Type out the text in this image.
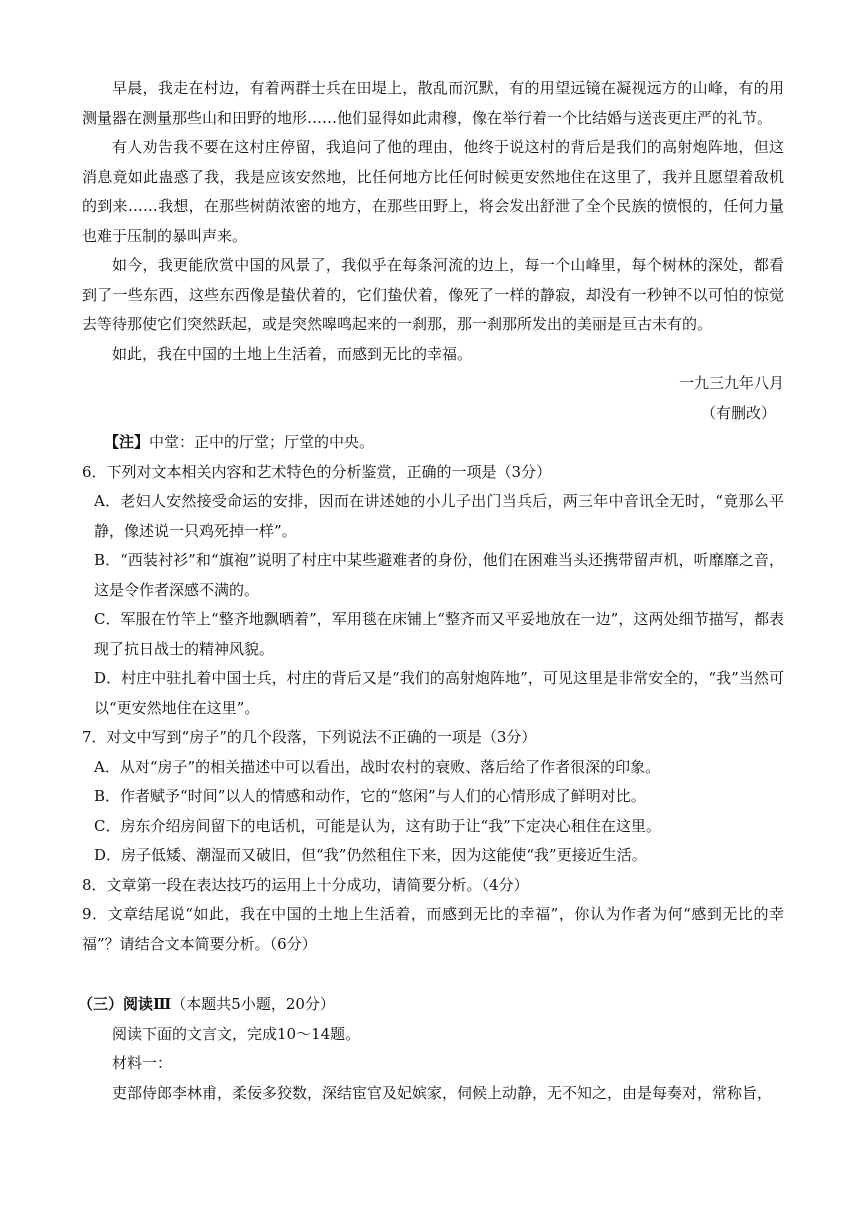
早晨，我走在村边，有着两群士兵在田堤上，散乱而沉默，有的用望远镜在凝视远方的山峰，有的用测量器在测量那些山和田野的地形……他们显得如此肃穆，像在举行着一个比结婚与送丧更庄严的礼节。

有人劝告我不要在这村庄停留，我追问了他的理由，他终于说这村的背后是我们的高射炮阵地，但这消息竟如此蛊惑了我，我是应该安然地，比任何地方比任何时候更安然地住在这里了，我并且愿望着敌机的到来……我想，在那些树荫浓密的地方，在那些田野上，将会发出舒泄了全个民族的愤恨的，任何力量也难于压制的暴叫声来。

如今，我更能欣赏中国的风景了，我似乎在每条河流的边上，每一个山峰里，每个树林的深处，都看到了一些东西，这些东西像是蛰伏着的，它们蛰伏着，像死了一样的静寂，却没有一秒钟不以可怕的惊觉去等待那使它们突然跃起，或是突然嗥鸣起来的一刹那，那一刹那所发出的美丽是亘古未有的。

如此，我在中国的土地上生活着，而感到无比的幸福。

一九三九年八月

（有删改）

【注】中堂：正中的厅堂；厅堂的中央。

6．下列对文本相关内容和艺术特色的分析鉴赏，正确的一项是（3分）

A．老妇人安然接受命运的安排，因而在讲述她的小儿子出门当兵后，两三年中音讯全无时，“竟那么平静，像述说一只鸡死掉一样”。

B．“西装衬衫”和“旗袍”说明了村庄中某些避难者的身份，他们在困难当头还携带留声机，听靡靡之音，这是令作者深感不满的。

C．军服在竹竿上“整齐地飘晒着”，军用毯在床铺上“整齐而又平妥地放在一边”，这两处细节描写，都表现了抗日战士的精神风貌。

D．村庄中驻扎着中国士兵，村庄的背后又是“我们的高射炮阵地”，可见这里是非常安全的，“我”当然可以“更安然地住在这里”。

7．对文中写到“房子”的几个段落，下列说法不正确的一项是（3分）

A．从对“房子”的相关描述中可以看出，战时农村的衰败、落后给了作者很深的印象。

B．作者赋予“时间”以人的情感和动作，它的“悠闲”与人们的心情形成了鲜明对比。

C．房东介绍房间留下的电话机，可能是认为，这有助于让“我”下定决心租住在这里。

D．房子低矮、潮湿而又破旧，但“我”仍然租住下来，因为这能使“我”更接近生活。

8．文章第一段在表达技巧的运用上十分成功，请简要分析。（4分）

9．文章结尾说“如此，我在中国的土地上生活着，而感到无比的幸福”，你认为作者为何“感到无比的幸福”？请结合文本简要分析。（6分）

（三）阅读Ⅲ（本题共5小题，20分）

阅读下面的文言文，完成10～14题。

材料一：

吏部侍郎李林甫，柔佞多狡数，深结宦官及妃嫔家，伺候上动静，无不知之，由是每奏对，常称旨，
